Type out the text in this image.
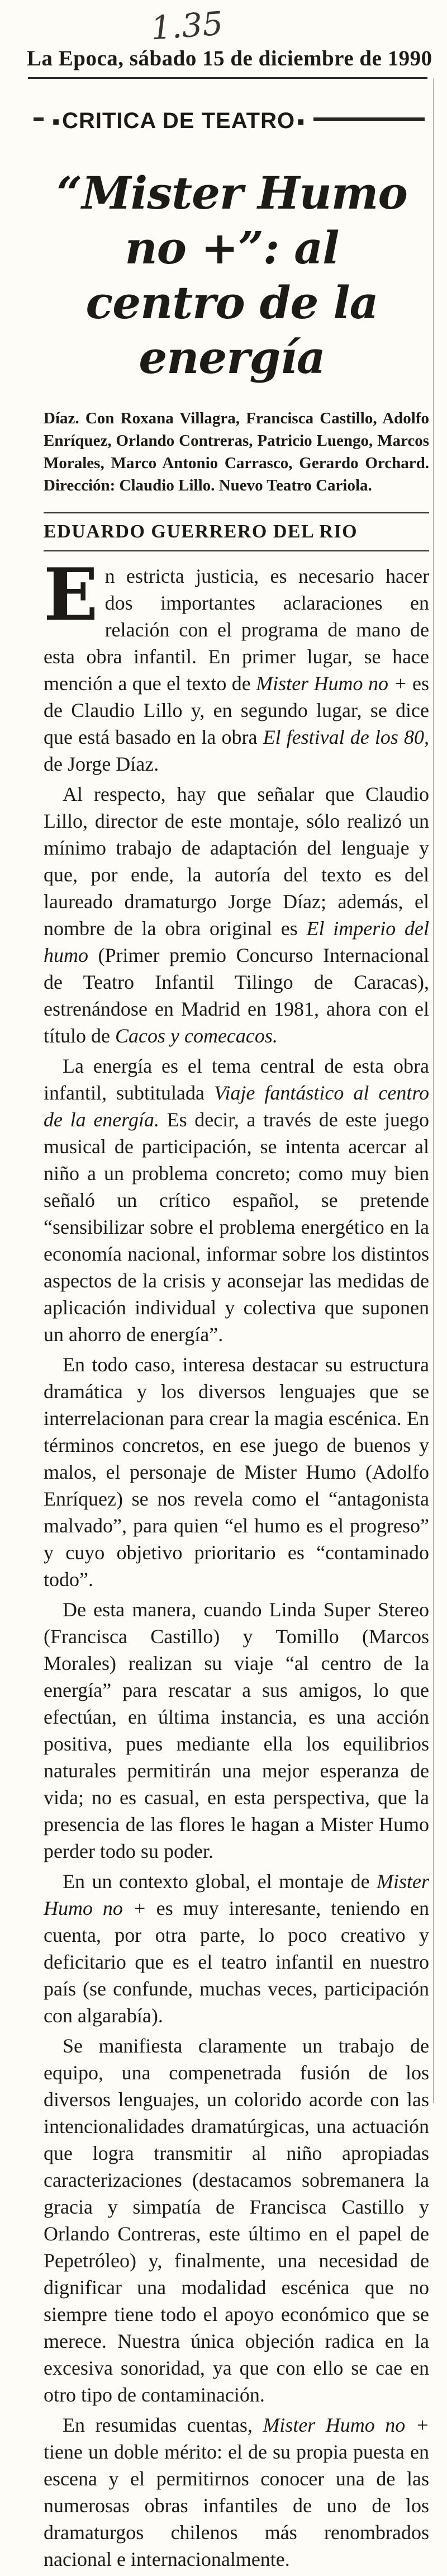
1.35
La Epoca, sábado 15 de diciembre de 1990
■ CRITICA DE TEATRO ■
“Mister Humo no +”: al centro de la energía
Díaz. Con Roxana Villagra, Francisca Castillo, Adolfo Enríquez, Orlando Contreras, Patricio Luengo, Marcos Morales, Marco Antonio Carrasco, Gerardo Orchard. Dirección: Claudio Lillo. Nuevo Teatro Cariola.
EDUARDO GUERRERO DEL RIO

En estricta justicia, es necesario hacer dos importantes aclaraciones en relación con el programa de mano de esta obra infantil. En primer lugar, se hace mención a que el texto de Mister Humo no + es de Claudio Lillo y, en segundo lugar, se dice que está basado en la obra El festival de los 80, de Jorge Díaz.

Al respecto, hay que señalar que Claudio Lillo, director de este montaje, sólo realizó un mínimo trabajo de adaptación del lenguaje y que, por ende, la autoría del texto es del laureado dramaturgo Jorge Díaz; además, el nombre de la obra original es El imperio del humo (Primer premio Concurso Internacional de Teatro Infantil Tilingo de Caracas), estrenándose en Madrid en 1981, ahora con el título de Cacos y comecacos.

La energía es el tema central de esta obra infantil, subtitulada Viaje fantástico al centro de la energía. Es decir, a través de este juego musical de participación, se intenta acercar al niño a un problema concreto; como muy bien señaló un crítico español, se pretende “sensibilizar sobre el problema energético en la economía nacional, informar sobre los distintos aspectos de la crisis y aconsejar las medidas de aplicación individual y colectiva que suponen un ahorro de energía”.

En todo caso, interesa destacar su estructura dramática y los diversos lenguajes que se interrelacionan para crear la magia escénica. En términos concretos, en ese juego de buenos y malos, el personaje de Mister Humo (Adolfo Enríquez) se nos revela como el “antagonista malvado”, para quien “el humo es el progreso” y cuyo objetivo prioritario es “contaminado todo”.

De esta manera, cuando Linda Super Stereo (Francisca Castillo) y Tomillo (Marcos Morales) realizan su viaje “al centro de la energía” para rescatar a sus amigos, lo que efectúan, en última instancia, es una acción positiva, pues mediante ella los equilibrios naturales permitirán una mejor esperanza de vida; no es casual, en esta perspectiva, que la presencia de las flores le hagan a Mister Humo perder todo su poder.

En un contexto global, el montaje de Mister Humo no + es muy interesante, teniendo en cuenta, por otra parte, lo poco creativo y deficitario que es el teatro infantil en nuestro país (se confunde, muchas veces, participación con algarabía).

Se manifiesta claramente un trabajo de equipo, una compenetrada fusión de los diversos lenguajes, un colorido acorde con las intencionalidades dramatúrgicas, una actuación que logra transmitir al niño apropiadas caracterizaciones (destacamos sobremanera la gracia y simpatía de Francisca Castillo y Orlando Contreras, este último en el papel de Pepetróleo) y, finalmente, una necesidad de dignificar una modalidad escénica que no siempre tiene todo el apoyo económico que se merece. Nuestra única objeción radica en la excesiva sonoridad, ya que con ello se cae en otro tipo de contaminación.

En resumidas cuentas, Mister Humo no + tiene un doble mérito: el de su propia puesta en escena y el permitirnos conocer una de las numerosas obras infantiles de uno de los dramaturgos chilenos más renombrados nacional e internacionalmente.
